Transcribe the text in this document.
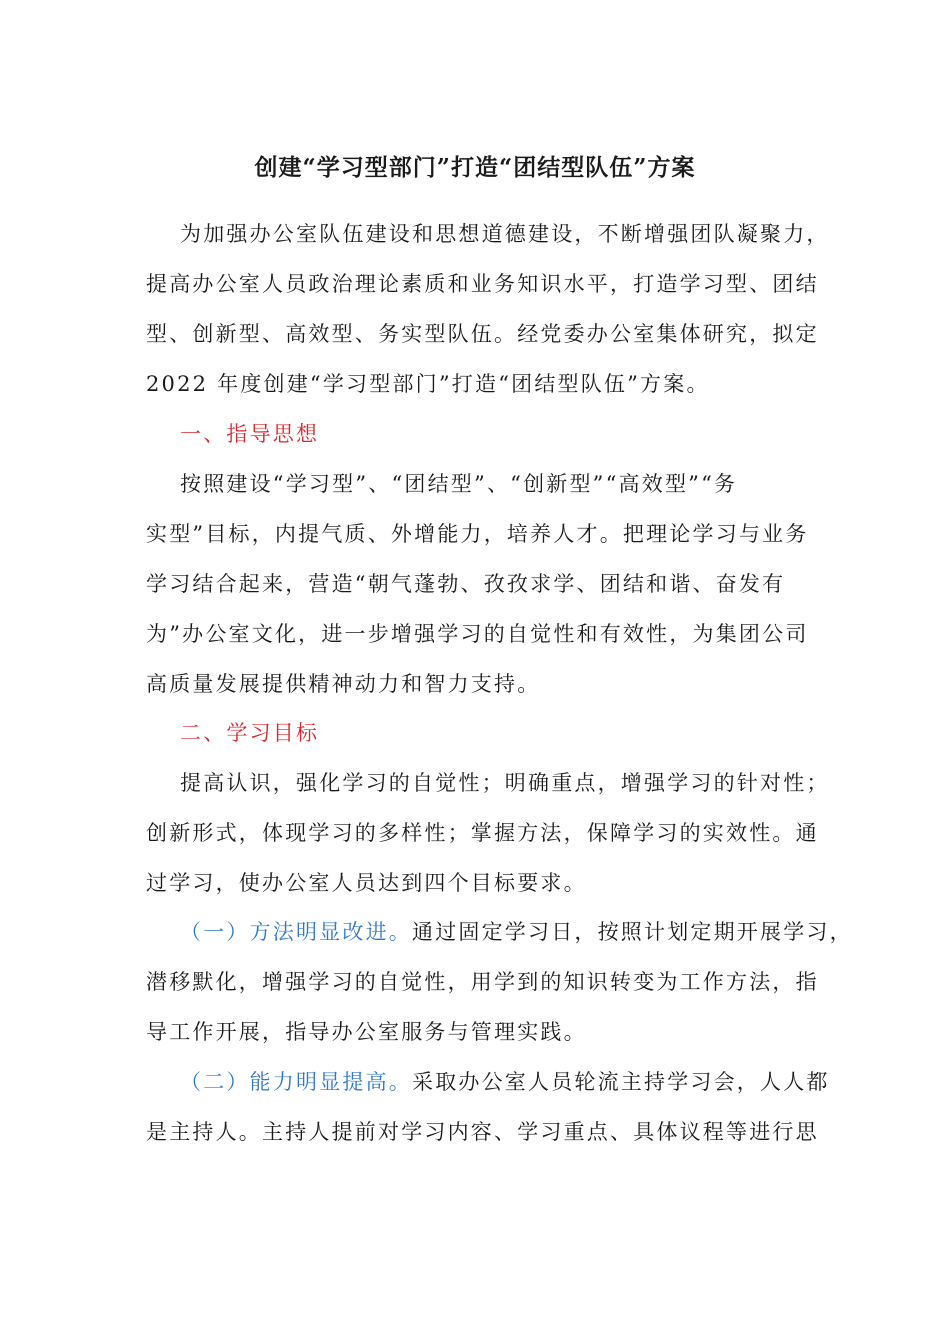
创建“学习型部门”打造“团结型队伍”方案
为加强办公室队伍建设和思想道德建设，不断增强团队凝聚力，
提高办公室人员政治理论素质和业务知识水平，打造学习型、团结
型、创新型、高效型、务实型队伍。经党委办公室集体研究，拟定
2022 年度创建“学习型部门”打造“团结型队伍”方案。
一、指导思想
按照建设“学习型”、“团结型”、“创新型”“高效型”“务
实型”目标，内提气质、外增能力，培养人才。把理论学习与业务
学习结合起来，营造“朝气蓬勃、孜孜求学、团结和谐、奋发有
为”办公室文化，进一步增强学习的自觉性和有效性，为集团公司
高质量发展提供精神动力和智力支持。
二、学习目标
提高认识，强化学习的自觉性；明确重点，增强学习的针对性；
创新形式，体现学习的多样性；掌握方法，保障学习的实效性。通
过学习，使办公室人员达到四个目标要求。
（一）方法明显改进。通过固定学习日，按照计划定期开展学习，
潜移默化，增强学习的自觉性，用学到的知识转变为工作方法，指
导工作开展，指导办公室服务与管理实践。
（二）能力明显提高。采取办公室人员轮流主持学习会，人人都
是主持人。主持人提前对学习内容、学习重点、具体议程等进行思
